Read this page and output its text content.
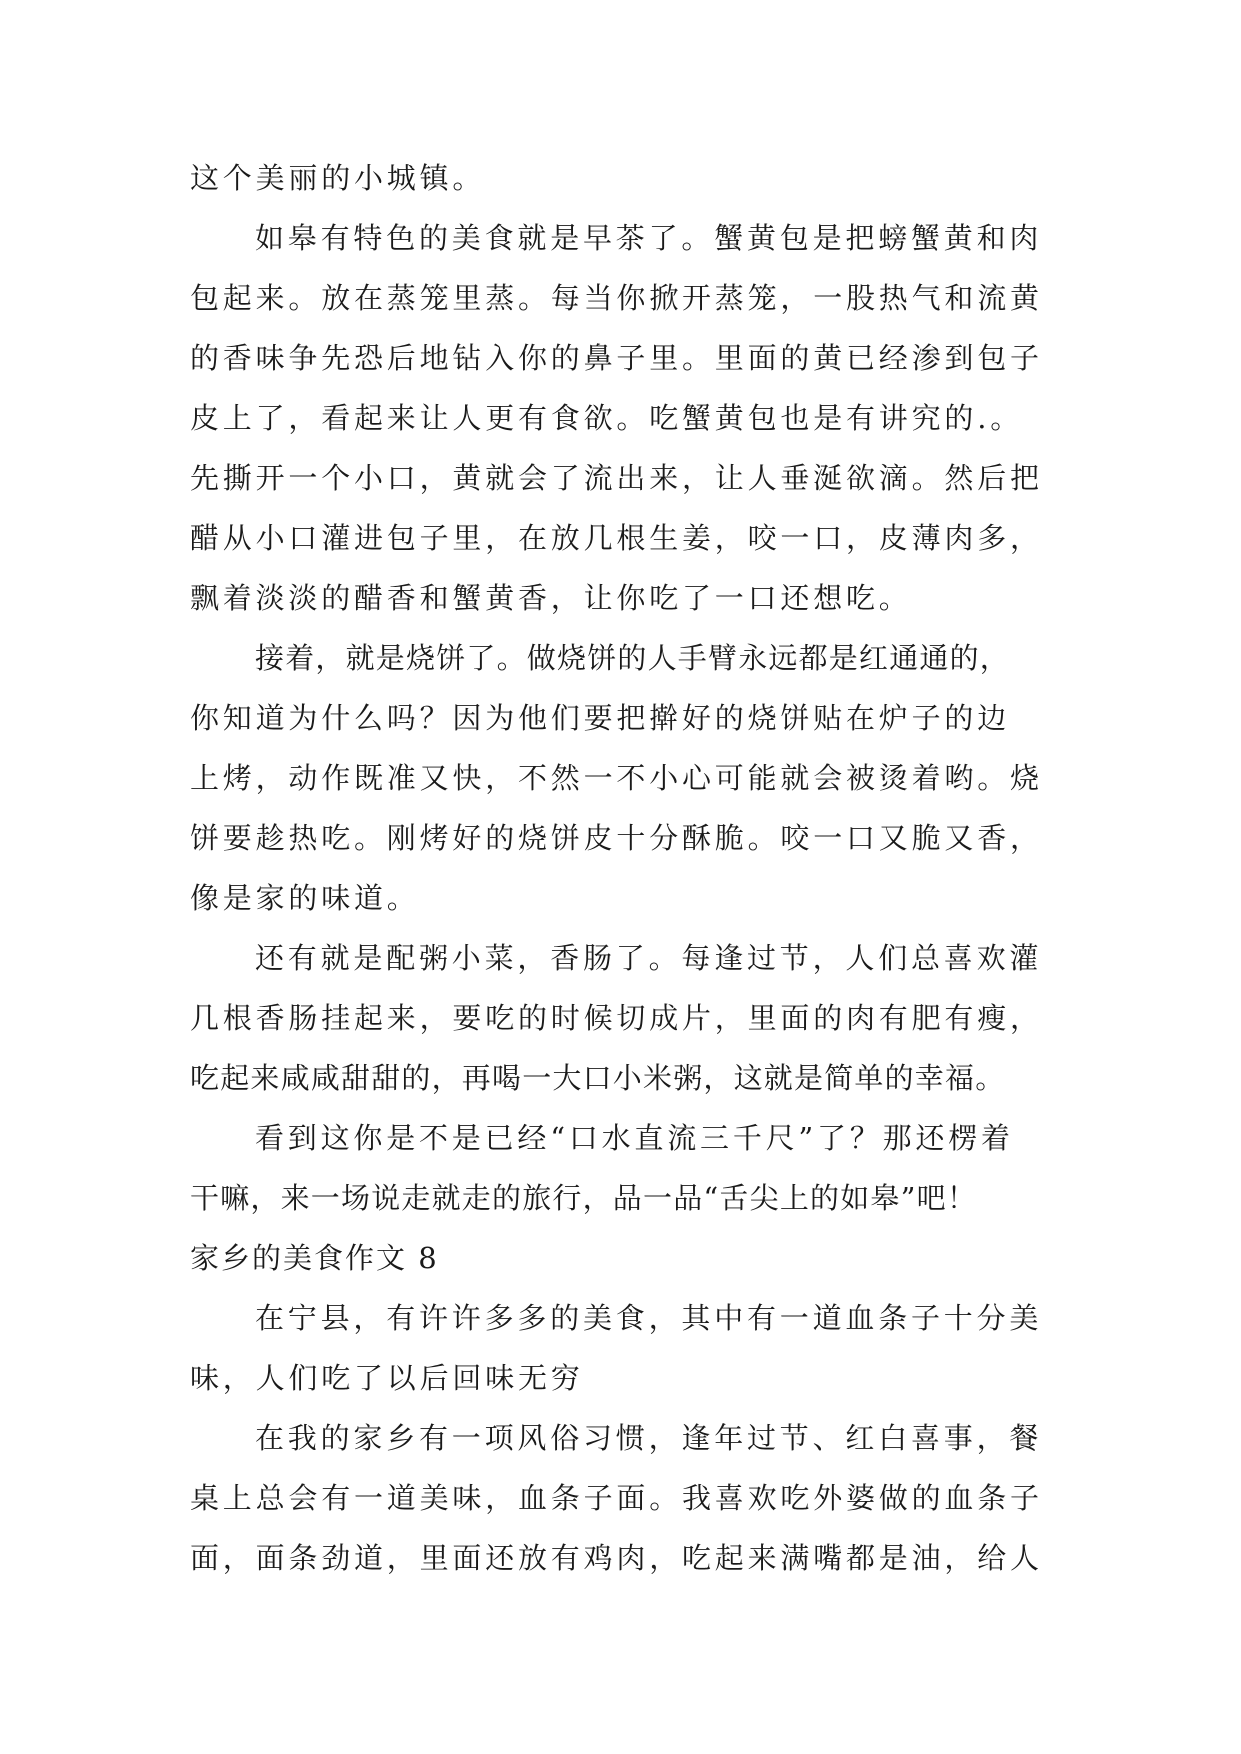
这个美丽的小城镇。
如皋有特色的美食就是早茶了。蟹黄包是把螃蟹黄和肉
包起来。放在蒸笼里蒸。每当你掀开蒸笼，一股热气和流黄
的香味争先恐后地钻入你的鼻子里。里面的黄已经渗到包子
皮上了，看起来让人更有食欲。吃蟹黄包也是有讲究的.。
先撕开一个小口，黄就会了流出来，让人垂涎欲滴。然后把
醋从小口灌进包子里，在放几根生姜，咬一口，皮薄肉多，
飘着淡淡的醋香和蟹黄香，让你吃了一口还想吃。
接着，就是烧饼了。做烧饼的人手臂永远都是红通通的，
你知道为什么吗？因为他们要把擀好的烧饼贴在炉子的边
上烤，动作既准又快，不然一不小心可能就会被烫着哟。烧
饼要趁热吃。刚烤好的烧饼皮十分酥脆。咬一口又脆又香，
像是家的味道。
还有就是配粥小菜，香肠了。每逢过节，人们总喜欢灌
几根香肠挂起来，要吃的时候切成片，里面的肉有肥有瘦，
吃起来咸咸甜甜的，再喝一大口小米粥，这就是简单的幸福。
看到这你是不是已经“口水直流三千尺”了？那还楞着
干嘛，来一场说走就走的旅行，品一品“舌尖上的如皋”吧！
家乡的美食作文 8
在宁县，有许许多多的美食，其中有一道血条子十分美
味，人们吃了以后回味无穷
在我的家乡有一项风俗习惯，逢年过节、红白喜事，餐
桌上总会有一道美味，血条子面。我喜欢吃外婆做的血条子
面，面条劲道，里面还放有鸡肉，吃起来满嘴都是油，给人
